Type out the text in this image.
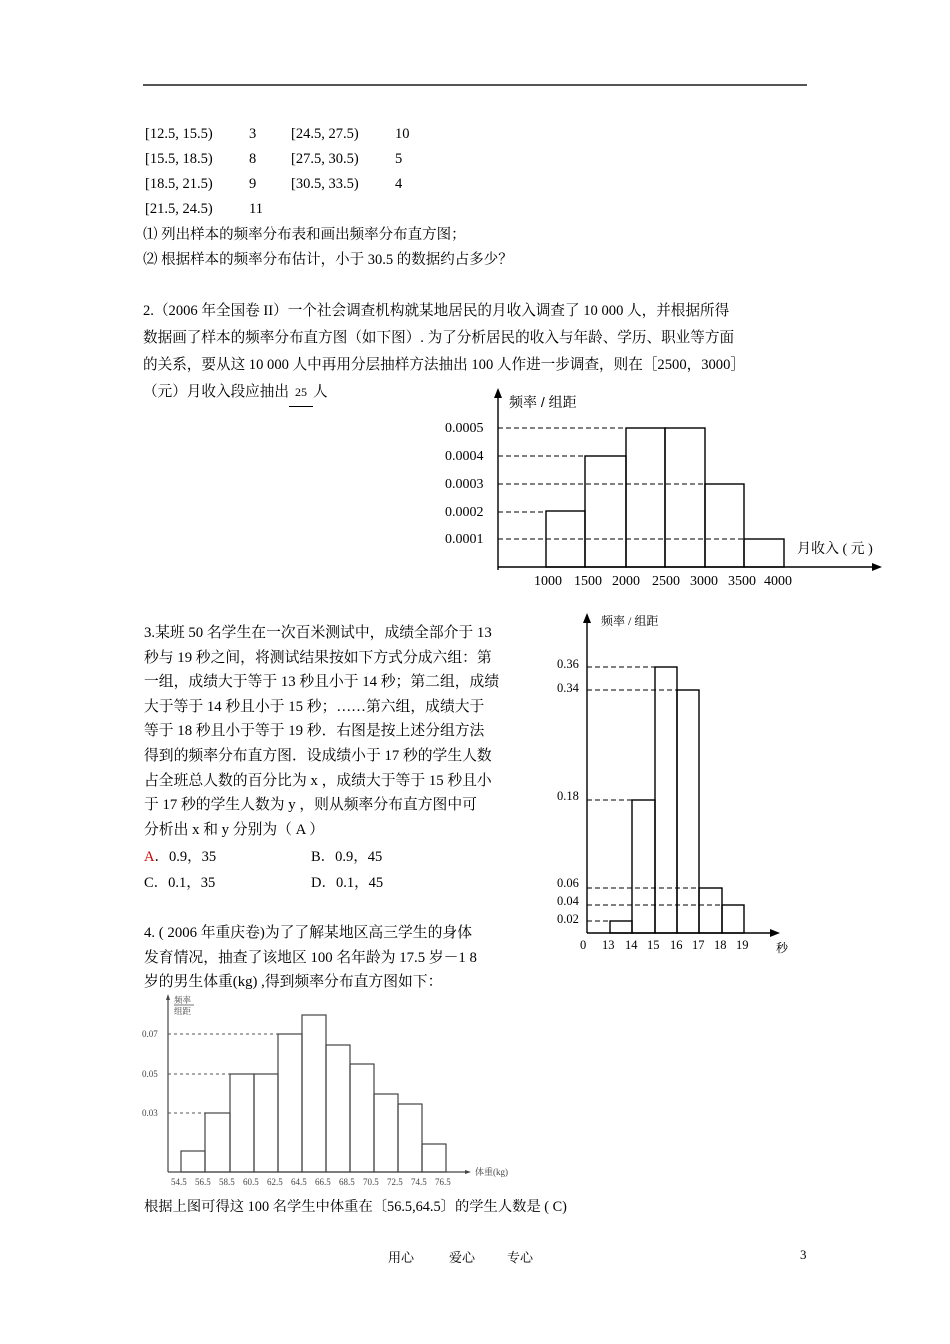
[12.5, 15.5)	3 [24.5, 27.5)	10
[15.5, 18.5)	8 [27.5, 30.5)	5
[18.5, 21.5)	9 [30.5, 33.5)	4
[21.5, 24.5)	11
⑴ 列出样本的频率分布表和画出频率分布直方图；
⑵ 根据样本的频率分布估计，小于 30.5 的数据约占多少？
2.（2006 年全国卷 II）一个社会调查机构就某地居民的月收入调查了 10 000 人，并根据所得
数据画了样本的频率分布直方图（如下图）. 为了分析居民的收入与年龄、学历、职业等方面
的关系，要从这 10 000 人中再用分层抽样方法抽出 100 人作进一步调查，则在［2500，3000］
（元）月收入段应抽出 25 人
频率 / 组距
0.0005
0.0004
0.0003
0.0002
0.0001
月收入 ( 元 )
1000 1500 2000 2500 3000 3500 4000
3.某班 50 名学生在一次百米测试中，成绩全部介于 13
秒与 19 秒之间，将测试结果按如下方式分成六组：第
一组，成绩大于等于 13 秒且小于 14 秒；第二组，成绩
大于等于 14 秒且小于 15 秒；……第六组，成绩大于
等于 18 秒且小于等于 19 秒．右图是按上述分组方法
得到的频率分布直方图．设成绩小于 17 秒的学生人数
占全班总人数的百分比为 x ，成绩大于等于 15 秒且小
于 17 秒的学生人数为 y ，则从频率分布直方图中可
分析出 x 和 y 分别为（ A ）
A．0.9，35	B．0.9，45
C．0.1，35	D．0.1，45
频率 / 组距
0.36
0.34
0.18
0.06
0.04
0.02
0 13 14 15 16 17 18 19 秒
4. ( 2006 年重庆卷)为了了解某地区高三学生的身体
发育情况，抽查了该地区 100 名年龄为 17.5 岁－1 8
岁的男生体重(kg) ,得到频率分布直方图如下：
频率
组距
0.07
0.05
0.03
体重(kg)
54.5 56.5 58.5 60.5 62.5 64.5 66.5 68.5 70.5 72.5 74.5 76.5
根据上图可得这 100 名学生中体重在〔56.5,64.5〕的学生人数是 ( C)
用心	爱心 专心	3
